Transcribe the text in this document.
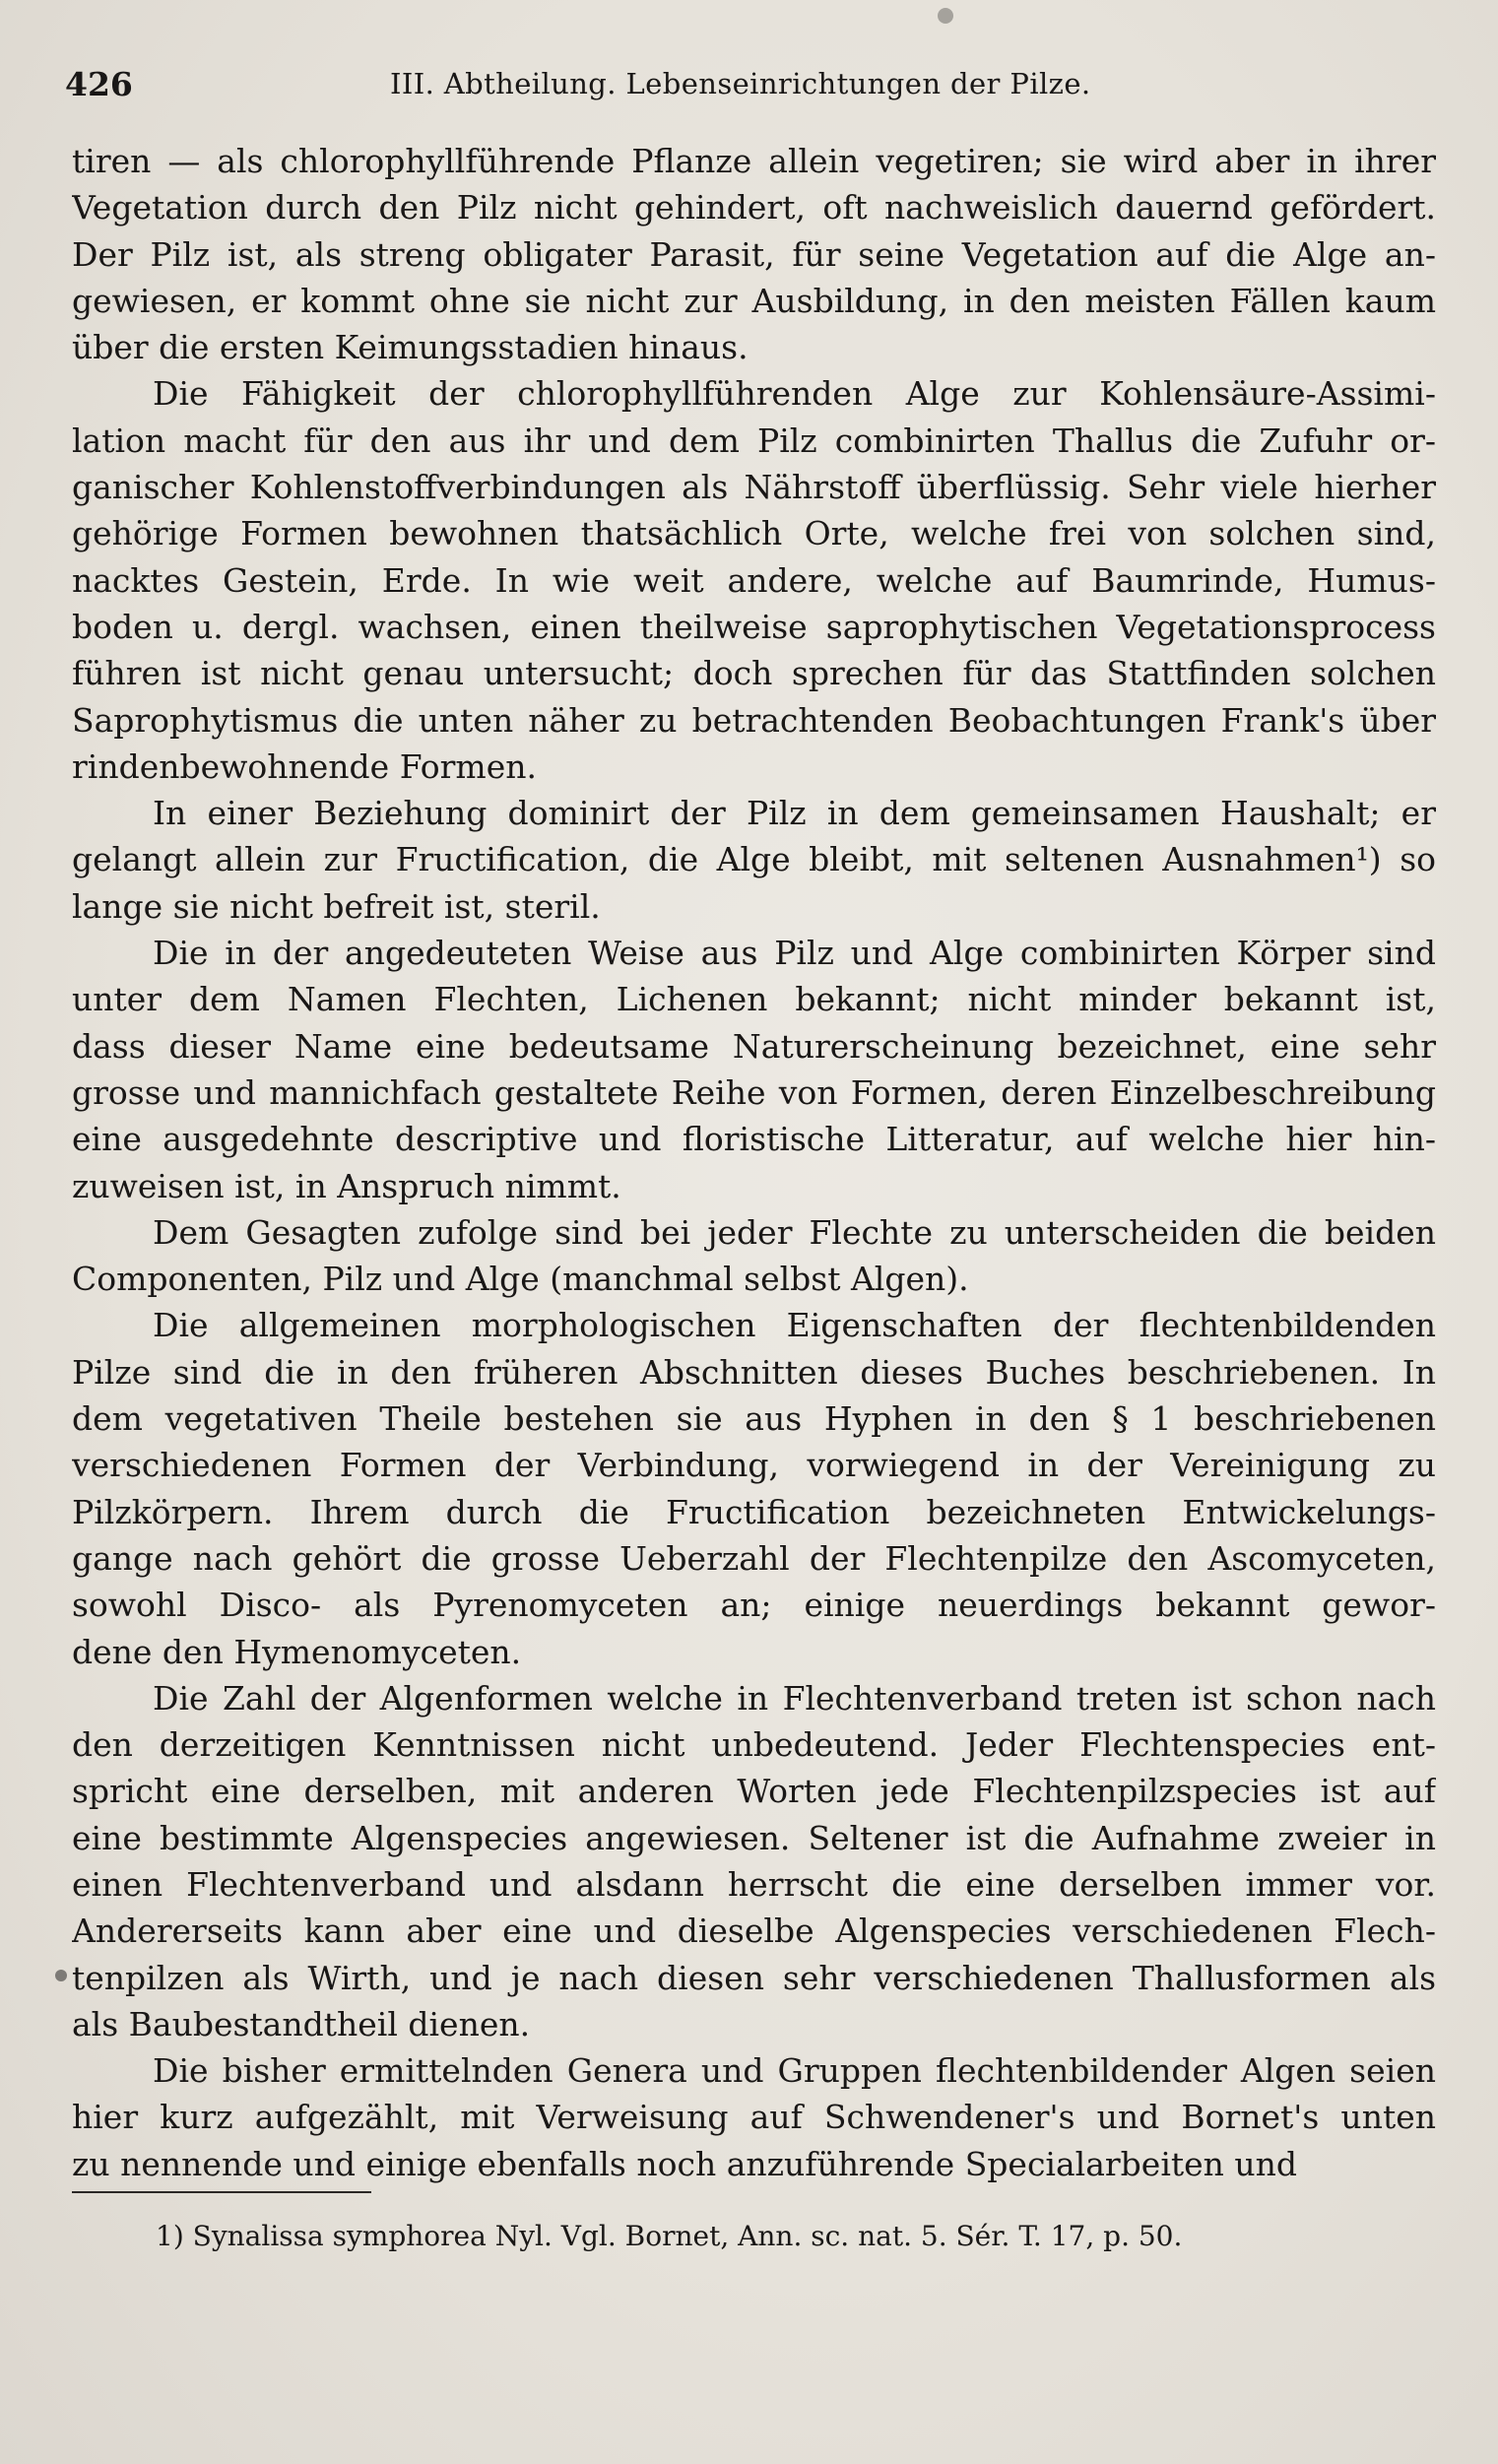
426	III. Abtheilung. Lebenseinrichtungen der Pilze.
tiren — als chlorophyllführende Pflanze allein vegetiren; sie wird aber in ihrer
Vegetation durch den Pilz nicht gehindert, oft nachweislich dauernd gefördert.
Der Pilz ist, als streng obligater Parasit, für seine Vegetation auf die Alge an-
gewiesen, er kommt ohne sie nicht zur Ausbildung, in den meisten Fällen kaum
über die ersten Keimungsstadien hinaus.
Die Fähigkeit der chlorophyllführenden Alge zur Kohlensäure-Assimi-
lation macht für den aus ihr und dem Pilz combinirten Thallus die Zufuhr or-
ganischer Kohlenstoffverbindungen als Nährstoff überflüssig. Sehr viele hierher
gehörige Formen bewohnen thatsächlich Orte, welche frei von solchen sind,
nacktes Gestein, Erde. In wie weit andere, welche auf Baumrinde, Humus-
boden u. dergl. wachsen, einen theilweise saprophytischen Vegetationsprocess
führen ist nicht genau untersucht; doch sprechen für das Stattfinden solchen
Saprophytismus die unten näher zu betrachtenden Beobachtungen Frank's über
rindenbewohnende Formen.
In einer Beziehung dominirt der Pilz in dem gemeinsamen Haushalt; er
gelangt allein zur Fructification, die Alge bleibt, mit seltenen Ausnahmen¹) so
lange sie nicht befreit ist, steril.
Die in der angedeuteten Weise aus Pilz und Alge combinirten Körper sind
unter dem Namen Flechten, Lichenen bekannt; nicht minder bekannt ist,
dass dieser Name eine bedeutsame Naturerscheinung bezeichnet, eine sehr
grosse und mannichfach gestaltete Reihe von Formen, deren Einzelbeschreibung
eine ausgedehnte descriptive und floristische Litteratur, auf welche hier hin-
zuweisen ist, in Anspruch nimmt.
Dem Gesagten zufolge sind bei jeder Flechte zu unterscheiden die beiden
Componenten, Pilz und Alge (manchmal selbst Algen).
Die allgemeinen morphologischen Eigenschaften der flechtenbildenden
Pilze sind die in den früheren Abschnitten dieses Buches beschriebenen. In
dem vegetativen Theile bestehen sie aus Hyphen in den § 1 beschriebenen
verschiedenen Formen der Verbindung, vorwiegend in der Vereinigung zu
Pilzkörpern. Ihrem durch die Fructification bezeichneten Entwickelungs-
gange nach gehört die grosse Ueberzahl der Flechtenpilze den Ascomyceten,
sowohl Disco- als Pyrenomyceten an; einige neuerdings bekannt gewor-
dene den Hymenomyceten.
Die Zahl der Algenformen welche in Flechtenverband treten ist schon nach
den derzeitigen Kenntnissen nicht unbedeutend. Jeder Flechtenspecies ent-
spricht eine derselben, mit anderen Worten jede Flechtenpilzspecies ist auf
eine bestimmte Algenspecies angewiesen. Seltener ist die Aufnahme zweier in
einen Flechtenverband und alsdann herrscht die eine derselben immer vor.
Andererseits kann aber eine und dieselbe Algenspecies verschiedenen Flech-
tenpilzen als Wirth, und je nach diesen sehr verschiedenen Thallusformen als
als Baubestandtheil dienen.
Die bisher ermittelnden Genera und Gruppen flechtenbildender Algen seien
hier kurz aufgezählt, mit Verweisung auf Schwendener's und Bornet's unten
zu nennende und einige ebenfalls noch anzuführende Specialarbeiten und
1) Synalissa symphorea Nyl. Vgl. Bornet, Ann. sc. nat. 5. Sér. T. 17, p. 50.
